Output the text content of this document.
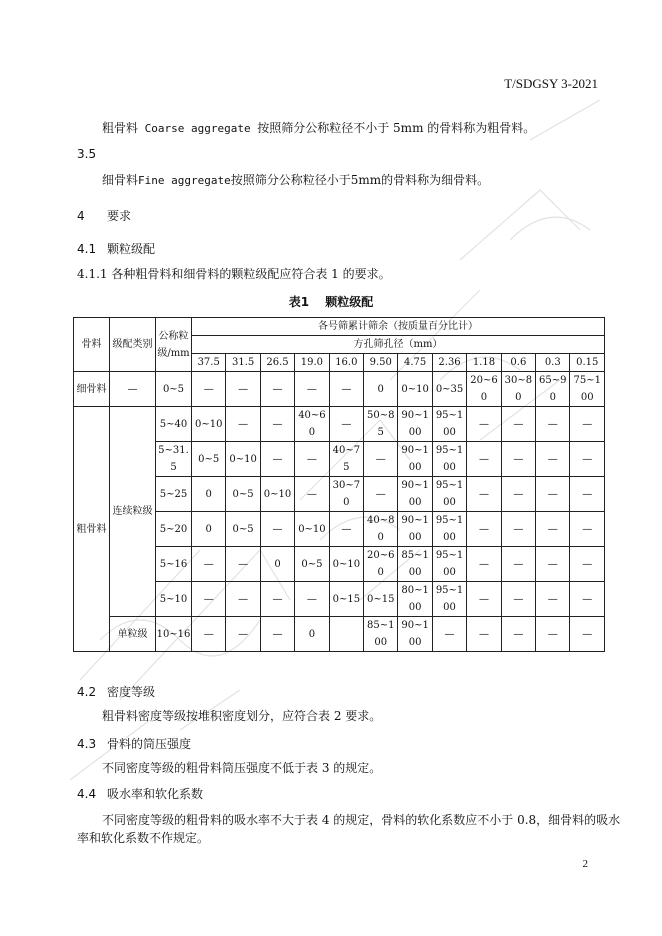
T/SDGSY 3-2021
粗骨料 Coarse aggregate 按照筛分公称粒径不小于 5mm 的骨料称为粗骨料。
3.5
细骨料Fine aggregate按照筛分公称粒径小于5mm的骨料称为细骨料。
4 要求
4.1 颗粒级配
4.1.1 各种粗骨料和细骨料的颗粒级配应符合表 1 的要求。
表1　 颗粒级配
骨料	级配类别	公称粒级/mm	各号筛累计筛余（按质量百分比计）											
			方孔筛孔径（mm）											
			37.5	31.5	26.5	19.0	16.0	9.50	4.75	2.36	1.18	0.6	0.3	0.15
细骨料	—	0~5	—	—	—	—	—	0	0~10	0~35	20~60	30~80	65~90	75~100
粗骨料	连续粒级	5~40	0~10	—	—	40~60	—	50~85	90~100	95~100	—	—	—	—
		5~31.5	0~5	0~10	—	—	40~75	—	90~100	95~100	—	—	—	—
		5~25	0	0~5	0~10	—	30~70	—	90~100	95~100	—	—	—	—
		5~20	0	0~5	—	0~10	—	40~80	90~100	95~100	—	—	—	—
		5~16	—	—	0	0~5	0~10	20~60	85~100	95~100	—	—	—	—
		5~10	—	—	—	—	0~15	0~15	80~100	95~100	—	—	—	—
	单粒级	10~16	—	—	—	0		85~100	90~100	—	—	—	—	—
4.2 密度等级
粗骨料密度等级按堆积密度划分，应符合表 2 要求。
4.3 骨料的筒压强度
不同密度等级的粗骨料筒压强度不低于表 3 的规定。
4.4 吸水率和软化系数
不同密度等级的粗骨料的吸水率不大于表 4 的规定，骨料的软化系数应不小于 0.8，细骨料的吸水
率和软化系数不作规定。
2
